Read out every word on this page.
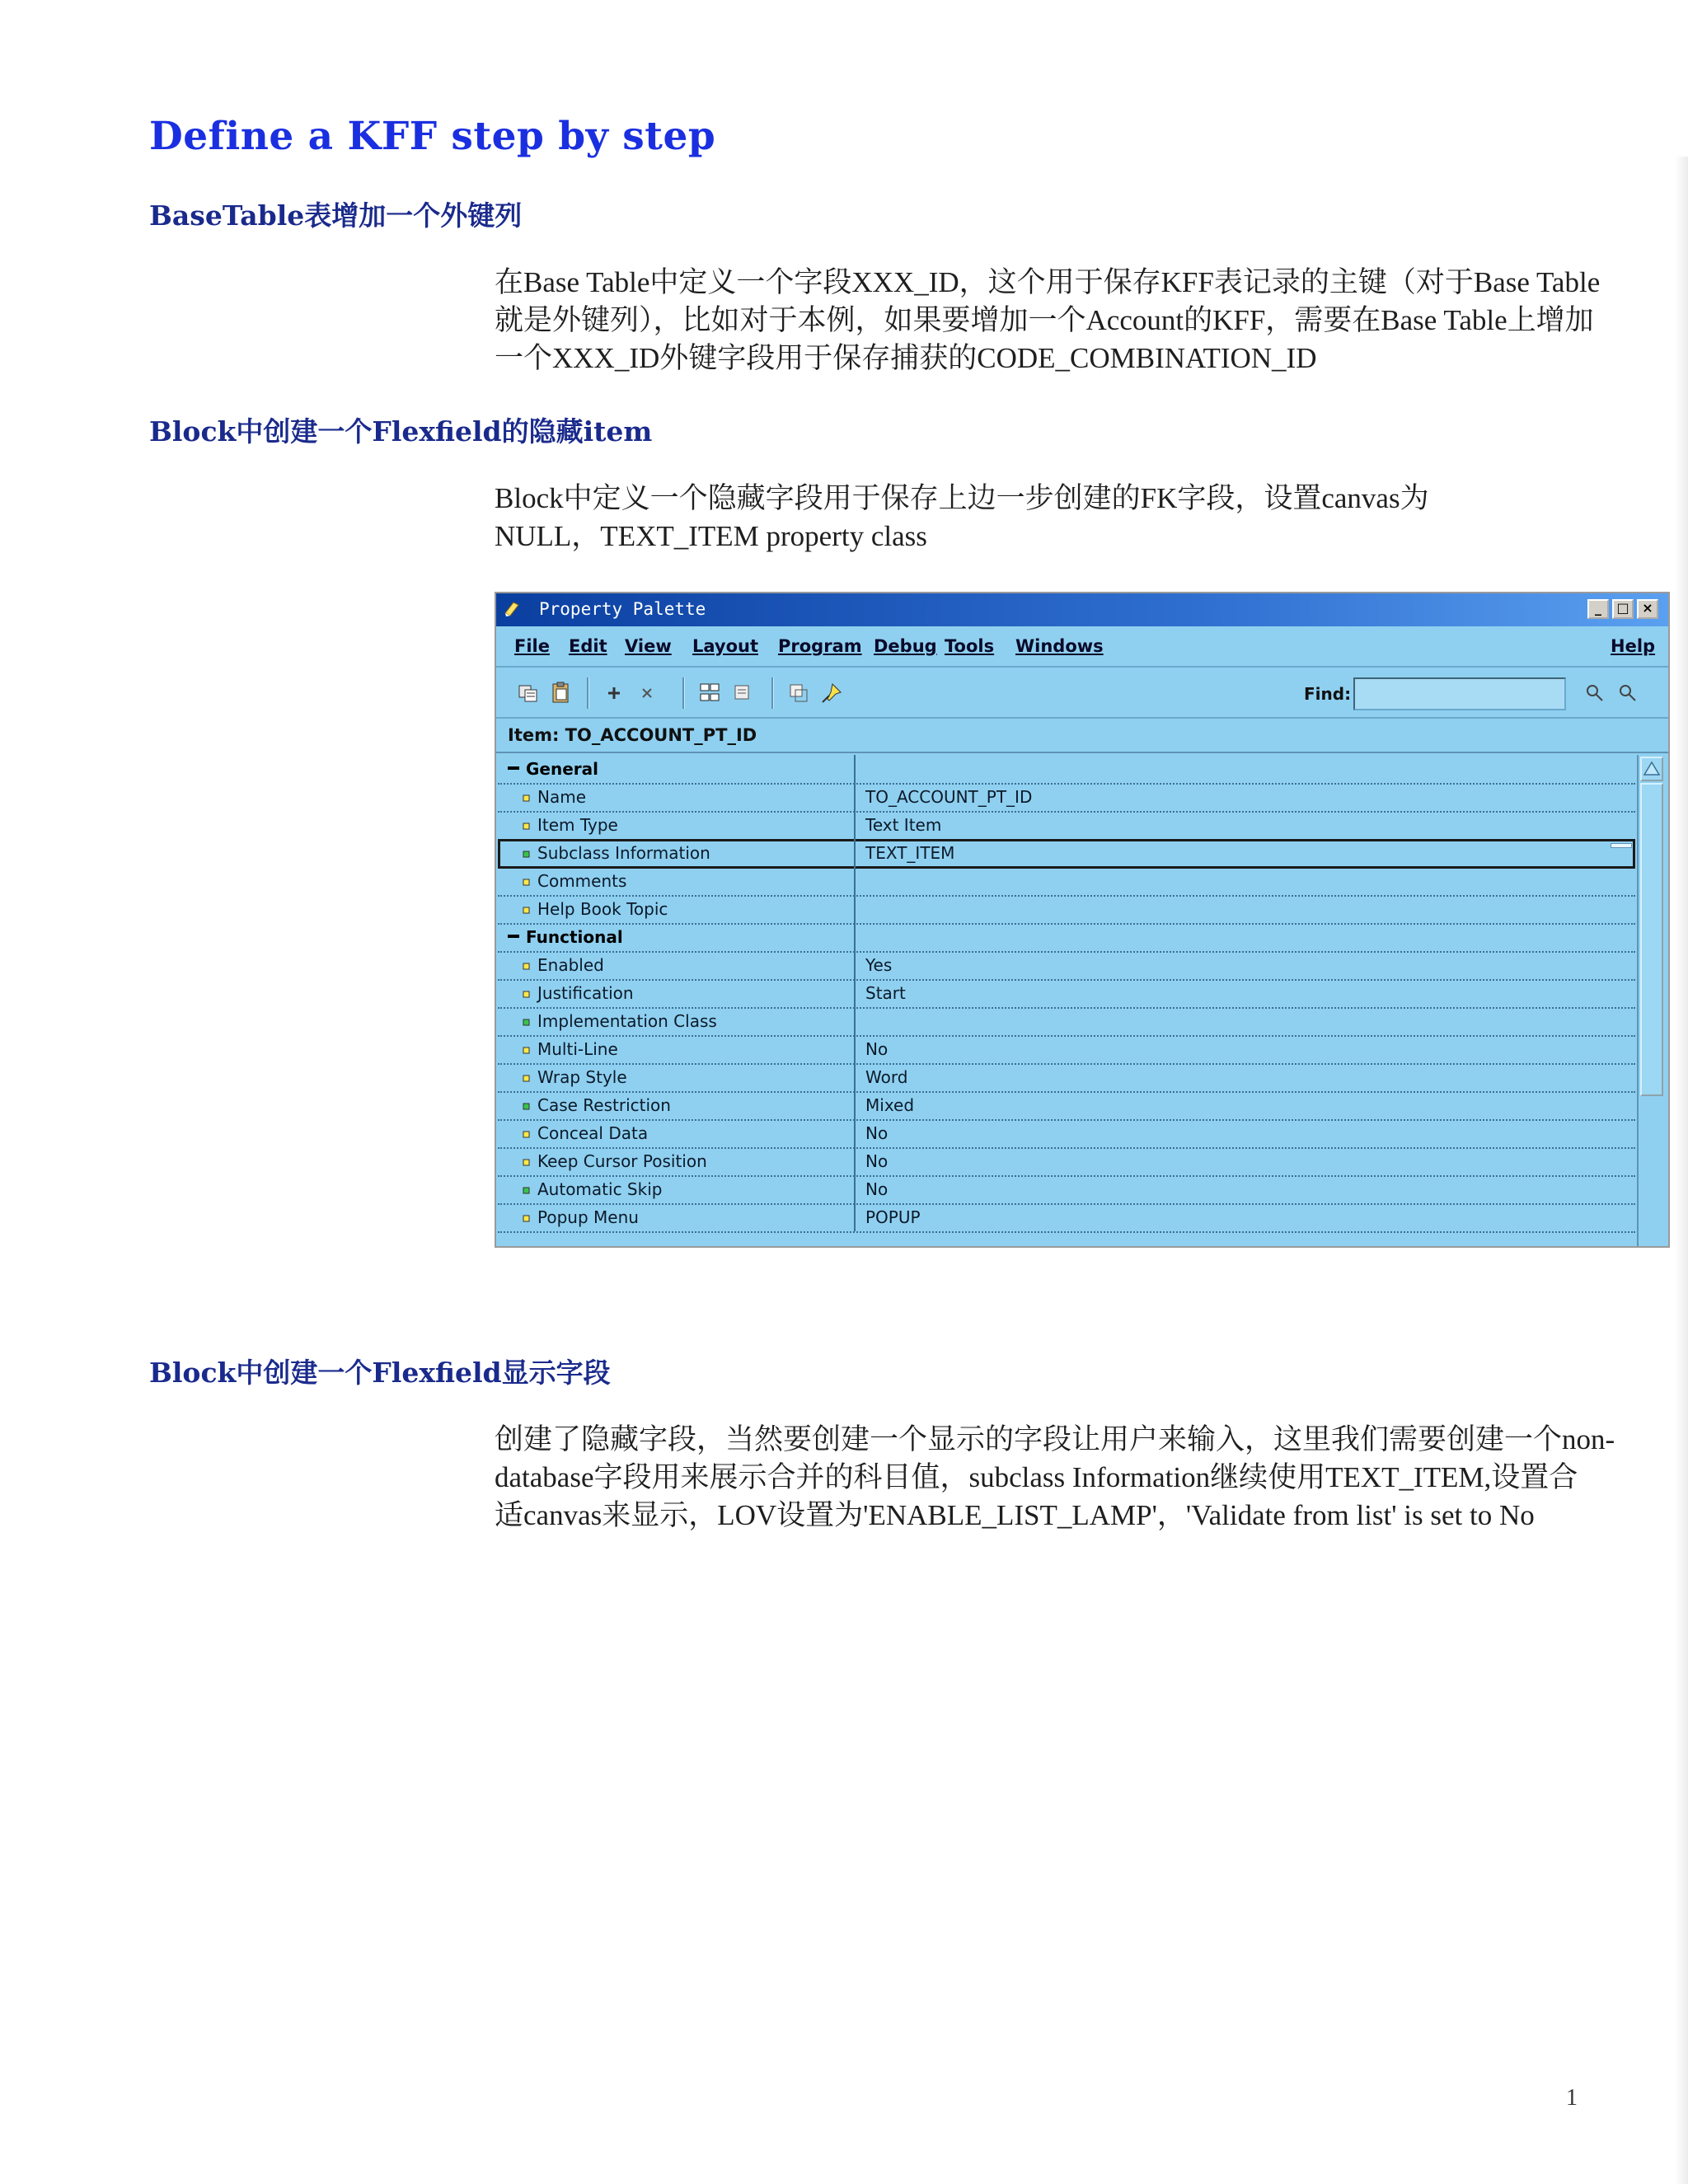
Define a KFF step by step
BaseTable表增加一个外键列
在Base Table中定义一个字段XXX_ID，这个用于保存KFF表记录的主键（对于Base Table
就是外键列），比如对于本例，如果要增加一个Account的KFF，需要在Base Table上增加
一个XXX_ID外键字段用于保存捕获的CODE_COMBINATION_ID
Block中创建一个Flexfield的隐藏item
Block中定义一个隐藏字段用于保存上边一步创建的FK字段，设置canvas为
NULL，TEXT_ITEM property class
Property Palette	_	□ ×
File Edit View Layout Program Debug Tools Windows	Help
Find:
Item: TO_ACCOUNT_PT_ID
General
Name	TO_ACCOUNT_PT_ID
Item Type	Text Item
Subclass Information	TEXT_ITEM
Comments
Help Book Topic
Functional
Enabled	Yes
Justification	Start
Implementation Class
Multi-Line	No
Wrap Style	Word
Case Restriction	Mixed
Conceal Data	No
Keep Cursor Position	No
Automatic Skip	No
Popup Menu	POPUP
Block中创建一个Flexfield显示字段
创建了隐藏字段，当然要创建一个显示的字段让用户来输入，这里我们需要创建一个non-
database字段用来展示合并的科目值，subclass Information继续使用TEXT_ITEM,设置合
适canvas来显示，LOV设置为'ENABLE_LIST_LAMP'，'Validate from list' is set to No
1
